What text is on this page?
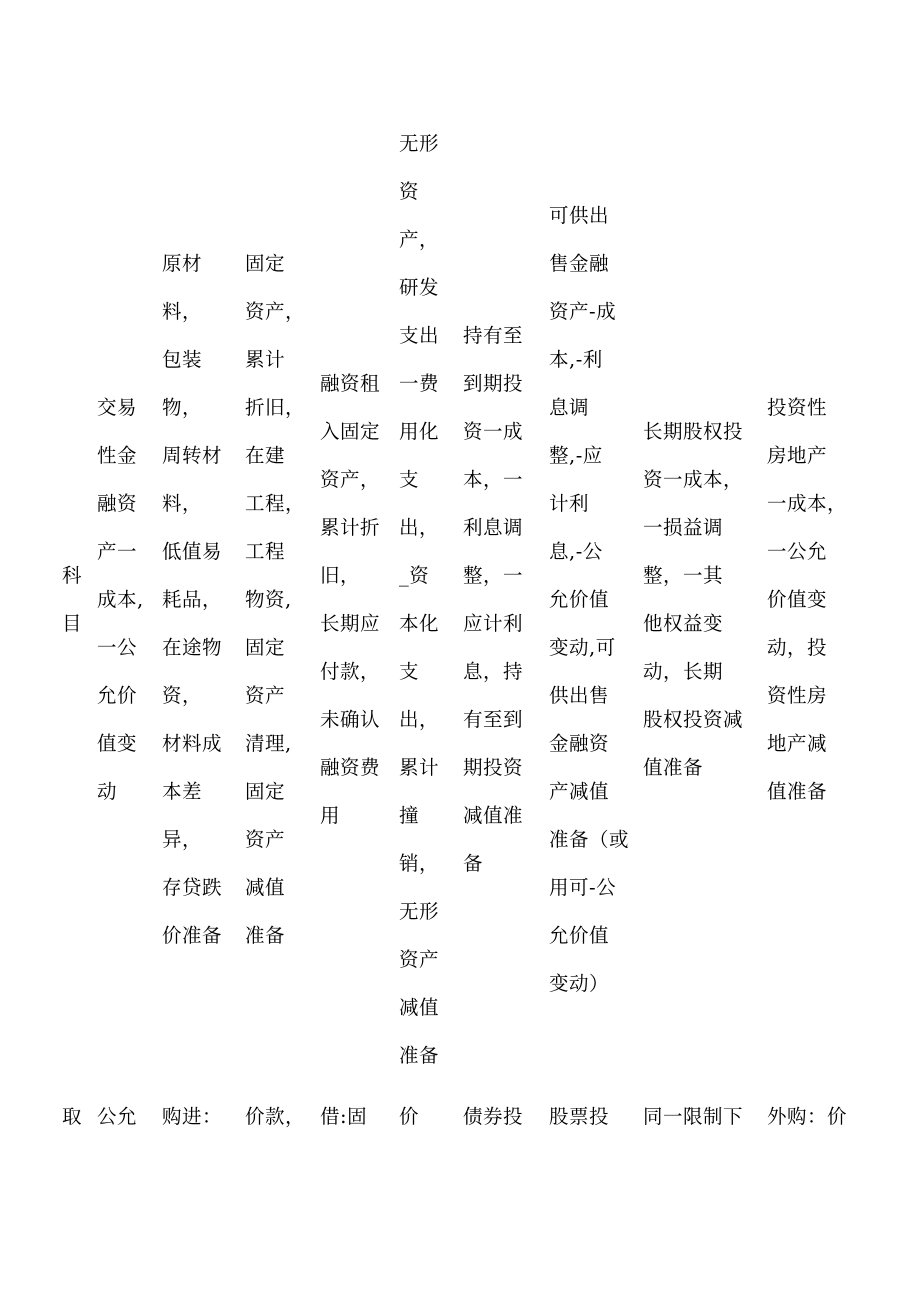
科
目
交易
性金
融资
产一
成本,
一公
允价
值变
动
原材
料，
包装
物，
周转材
料，
低值易
耗品，
在途物
资，
材料成
本差
异，
存贷跌
价准备
固定
资产，
累计
折旧，
在建
工程，
工程
物资,
固定
资产
清理,
固定
资产
减值
准备
融资租
入固定
资产，
累计折
旧，
长期应
付款，
未确认
融资费
用
无形
资
产，
研发
支出
一费
用化
支
出，
_资
本化
支
出，
累计
撞
销，
无形
资产
减值
准备
持有至
到期投
资一成
本，一
利息调
整，一
应计利
息，持
有至到
期投资
减值准
备
可供出
售金融
资产-成
本,-利
息调
整,-应
计利
息,-公
允价值
变动,可
供出售
金融资
产减值
准备（或
用可-公
允价值
变动）
长期股权投
资一成本，
一损益调
整，一其
他权益变
动，长期
股权投资减
值准备
投资性
房地产
一成本，
一公允
价值变
动，投
资性房
地产减
值准备
取 公允 购进： 价款， 借:固 价 债券投 股票投 同一限制下 外购：价
